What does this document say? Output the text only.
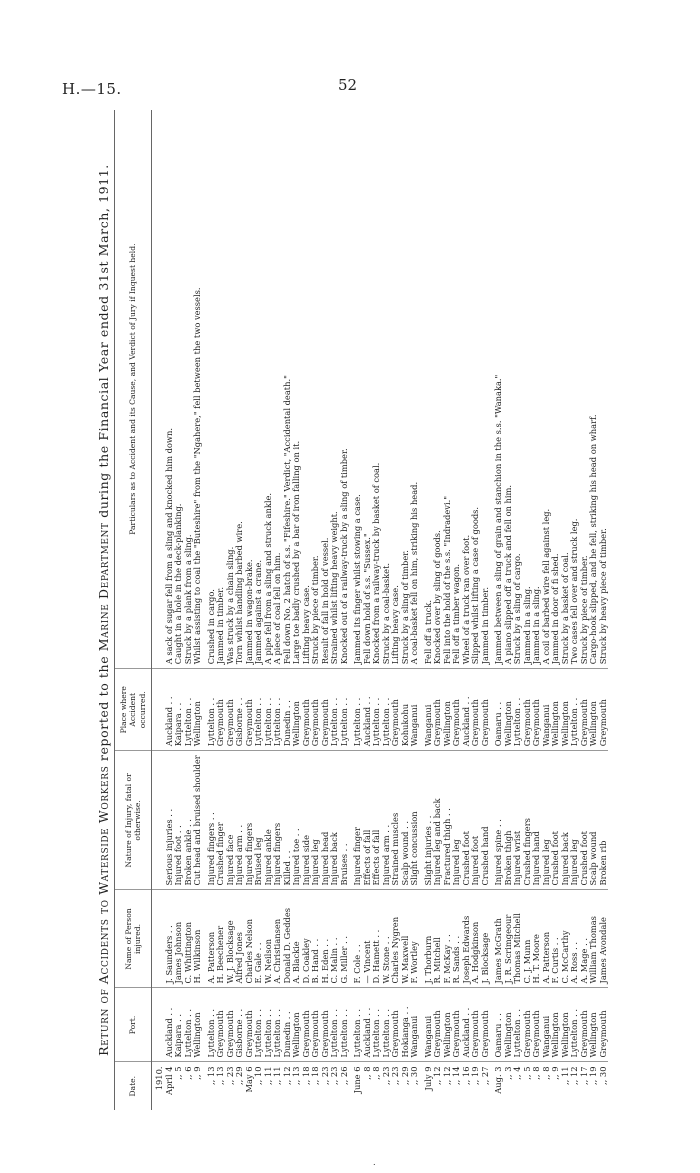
H.—15.	52
Return of Accidents to Waterside Workers reported to the Marine Department during the Financial Year ended 31st March, 1911.
Date.	Port.	Name of Person injured.	Nature of Injury, fatal or otherwise.	Place where Accident occurred.	Particulars as to Accident and its Cause, and Verdict of Jury if Inquest held.
1910.					
April 4	Auckland . .	J. Saunders . .	Serious injuries . .	Auckland . .	A sack of sugar fell from a sling and knocked him down.
,, 5	Kaipara . .	James Johnson	Injured foot . .	Kaipara . .	Caught in a hole in the deck-planking.
,, 6	Lyttelton . .	C. Whittington	Broken ankle . .	Lyttelton . .	Struck by a plank from a sling.
,, 9	Wellington	H. Wilkinson	Cut head and bruised shoulder	Wellington	Whilst assisting to coal the "Buteshire" from the "Ngahere," fell between the two vessels.
,, 13	Lyttelton . .	A. Patterson	Injured fingers . .	Lyttelton . .	Crushed in cargo.
,, 13	Greymouth	H. Beechener	Crushed finger	Greymouth	Jammed in timber.
,, 23	Greymouth	W. J. Blocksage	Injured face	Greymouth	Was struck by a chain sling.
,, 29	Gisborne . .	Alfred Jones	Injured arm . .	Gisborne . .	Torn whilst handling barbed wire.
May 6	Greymouth	Charles Nelson	Injured fingers	Greymouth	Jammed in wagon-brake.
,, 10	Lyttelton . .	E. Gale . .	Bruised leg	Lyttelton . .	Jammed against a crane.
,, 11	Lyttelton . .	W. Neilson	Injured ankle	Lyttelton . .	A pipe fell from a sling and struck ankle.
,, 11	Lyttelton . .	A. Christiansen	Injured fingers	Lyttelton . .	A piece of coal fell on him.
,, 12	Dunedin . .	Donald D. Geddes	Killed . .	Dunedin . .	Fell down No. 2 hatch of s.s. "Fifeshire." Verdict, "Accidental death."
,, 13	Wellington	A. Blackie	Injured toe . .	Wellington	Large toe badly crushed by a bar of iron falling on it.
,, 18	Greymouth	D. Coakley	Injured side	Greymouth	Lifting heavy case.
,, 18	Greymouth	B. Hand . .	Injured leg	Greymouth	Struck by piece of timber.
,, 23	Greymouth	H. Eden . .	Injured head	Greymouth	Result of fall in hold of vessel.
,, 23	Lyttelton . .	C. Malin . .	Injured back	Lyttelton . .	Strained whilst lifting heavy weight.
,, 26	Lyttelton . .	G. Miller . .	Bruises . .	Lyttelton . .	Knocked out of a railway-truck by a sling of timber.
June 6	Lyttelton . .	F. Cole . .	Injured finger	Lyttelton . .	Jammed its finger whilst stowing a case.
,, 8	Auckland . .	— Vincent	Effects of fall	Auckland . .	Fell down hold of s.s. "Sussex."
,, 8	Lyttelton . .	D. Hamett . .	Effects of fall	Lyttelton . .	Knocked from a railway-truck by basket of coal.
,, 23	Lyttelton . .	W. Stone . .	Injured arm . .	Lyttelton . .	Struck by a coal-basket.
,, 23	Greymouth	Charles Nygren	Strained muscles	Greymouth	Lifting heavy case.
,, 29	Hokianga . .	W. Maxwell	Scalp wound . .	Kohukohu	Struck by a sling of timber.
,, 30	Wanganui	F. Wortley	Slight concussion	Wanganui	A coal-basket fell on him, striking his head.
July 9	Wanganui	J. Thorburn	Slight injuries . .	Wanganui	Fell off a truck.
,, 12	Greymouth	R. Mitchell	Injured leg and back	Greymouth	Knocked over by sling of goods.
,, 12	Wellington	F. McKay . .	Fractured thigh . .	Wellington	Fell into the hold of the s.s. "Indradevi."
,, 14	Greymouth	R. Sands . .	Injured leg	Greymouth	Fell off a timber wagon.
,, 16	Auckland . .	Joseph Edwards	Crushed foot	Auckland . .	Wheel of a truck ran over foot.
,, 19	Greymouth	A. Hodgkinson	Injured foot	Greymouth	Slipped whilst lifting a case of goods.
,, 27	Greymouth	J. Blocksage	Crushed hand	Greymouth	Jammed in timber.
Aug. 3	Oamaru . .	James McGrath	Injured spine . .	Oamaru . .	Jammed between a sling of grain and stanchion in the s.s. "Wanaka."
,, 3	Wellington	J. R. Scrimgeour	Broken thigh	Wellington	A piano slipped off a truck and fell on him.
,, 4	Lyttelton . .	Thomas Mitchell	Injured wrist	Lyttelton . .	Struck by a sling of cargo.
,, 5	Greymouth	C. J. Munn	Crushed fingers	Greymouth	Jammed in a sling.
,, 8	Greymouth	H. T. Moore	Injured hand	Greymouth	Jammed in a sling.
,, 8	Wanganui	A. Patterson	Injured leg	Wanganui	A coil of barbed wire fell against leg.
,, 9	Wellington	F. Curtis . .	Crushed foot	Wellington	Jammed in door of fi shed.
,, 11	Wellington	C. McCarthy	Injured back	Wellington	Struck by a basket of coal.
,, 12	Lyttelton . .	A. Ross . .	Injured leg	Lyttelton . .	Two cases fell over and struck leg.
,, 17	Greymouth	A. Mage . .	Crushed foot	Greymouth	Struck by piece of timber.
,, 19	Wellington	William Thomas	Scalp wound	Wellington	Cargo-hook slipped, and he fell, striking his head on wharf.
,, 30	Greymouth	James Avondale	Broken rib	Greymouth	Struck by heavy piece of timber.
.
